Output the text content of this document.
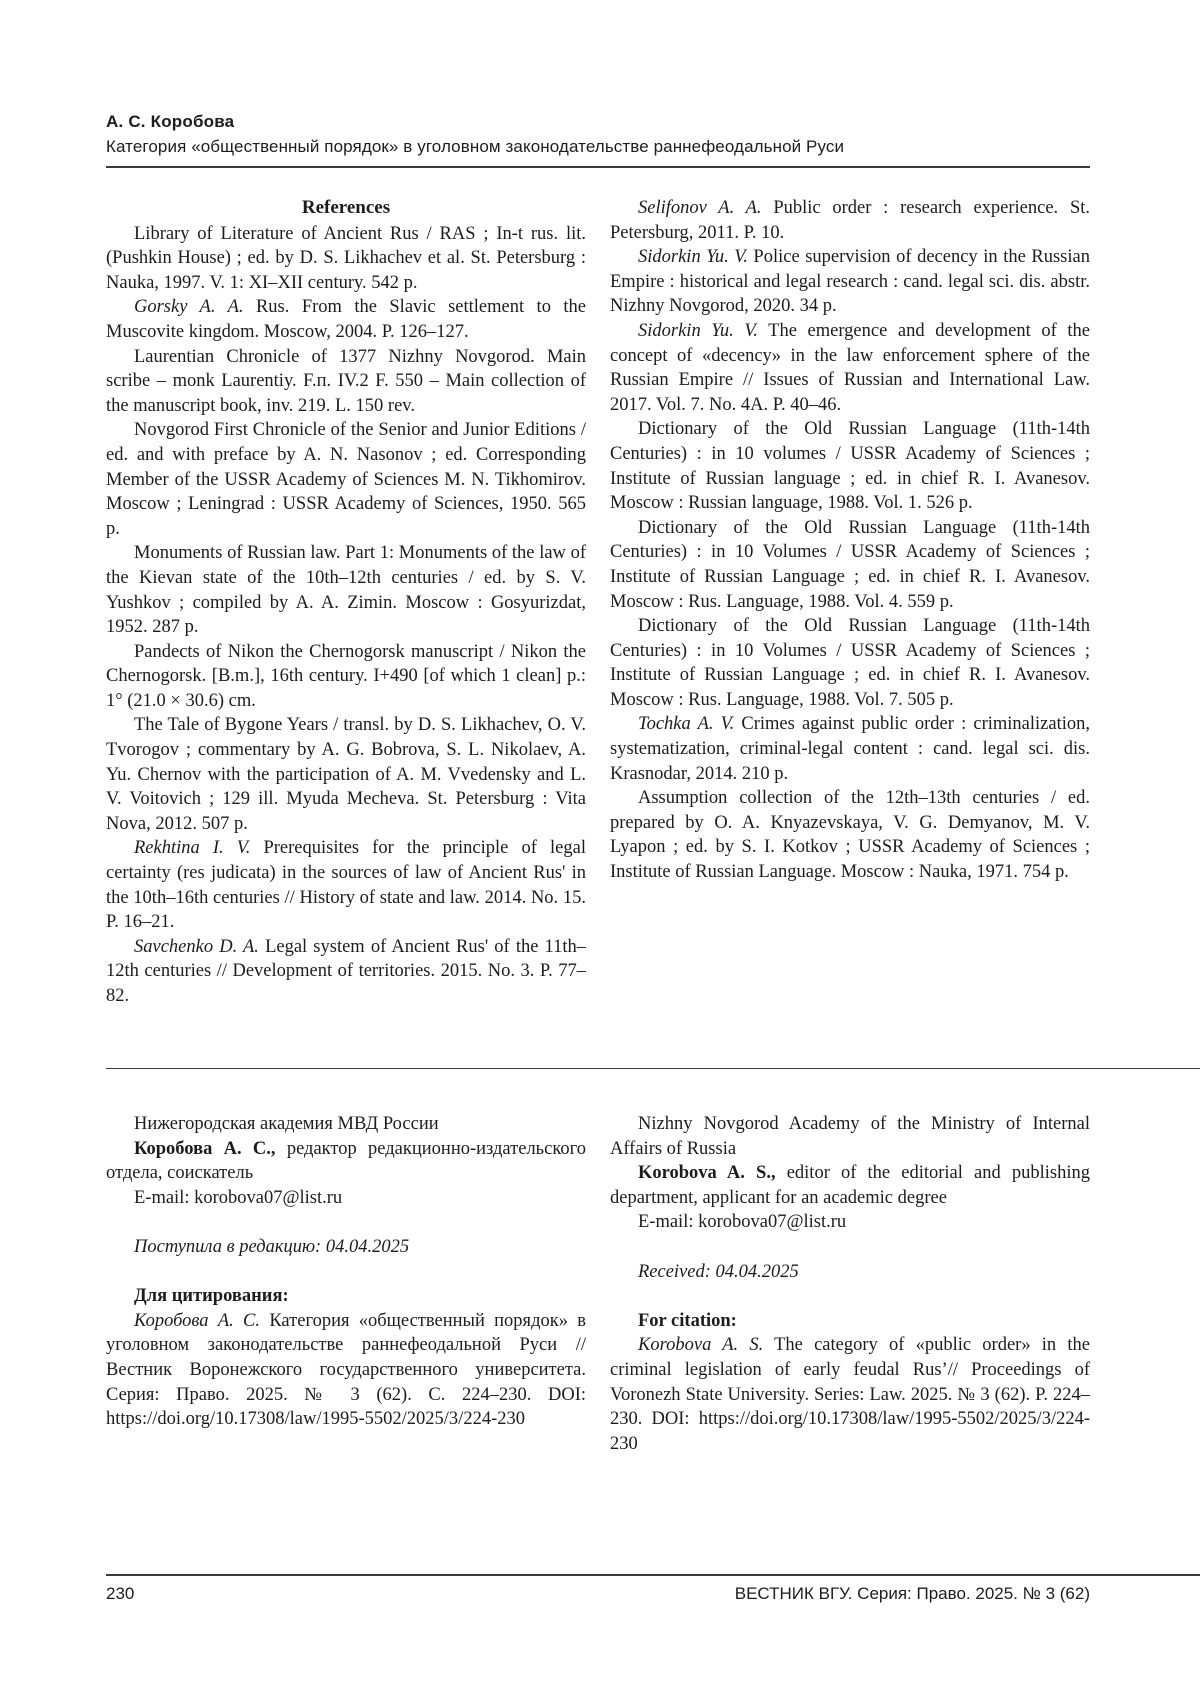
А. С. Коробова
Категория «общественный порядок» в уголовном законодательстве раннефеодальной Руси
References

Library of Literature of Ancient Rus / RAS ; In-t rus. lit. (Pushkin House) ; ed. by D. S. Likhachev et al. St. Petersburg : Nauka, 1997. V. 1: XI–XII century. 542 p.

Gorsky A. A. Rus. From the Slavic settlement to the Muscovite kingdom. Moscow, 2004. P. 126–127.

Laurentian Chronicle of 1377 Nizhny Novgorod. Main scribe – monk Laurentiy. F.п. IV.2 F. 550 – Main collection of the manuscript book, inv. 219. L. 150 rev.

Novgorod First Chronicle of the Senior and Junior Editions / ed. and with preface by A. N. Nasonov ; ed. Corresponding Member of the USSR Academy of Sciences M. N. Tikhomirov. Moscow ; Leningrad : USSR Academy of Sciences, 1950. 565 p.

Monuments of Russian law. Part 1: Monuments of the law of the Kievan state of the 10th–12th centuries / ed. by S. V. Yushkov ; compiled by A. A. Zimin. Moscow : Gosyurizdat, 1952. 287 p.

Pandects of Nikon the Chernogorsk manuscript / Nikon the Chernogorsk. [B.m.], 16th century. I+490 [of which 1 clean] p.: 1° (21.0 × 30.6) cm.

The Tale of Bygone Years / transl. by D. S. Likhachev, O. V. Tvorogov ; commentary by A. G. Bobrova, S. L. Nikolaev, A. Yu. Chernov with the participation of A. M. Vvedensky and L. V. Voitovich ; 129 ill. Myuda Mecheva. St. Petersburg : Vita Nova, 2012. 507 p.

Rekhtina I. V. Prerequisites for the principle of legal certainty (res judicata) in the sources of law of Ancient Rus' in the 10th–16th centuries // History of state and law. 2014. No. 15. P. 16–21.

Savchenko D. A. Legal system of Ancient Rus' of the 11th–12th centuries // Development of territories. 2015. No. 3. P. 77–82.

Selifonov A. A. Public order : research experience. St. Petersburg, 2011. P. 10.

Sidorkin Yu. V. Police supervision of decency in the Russian Empire : historical and legal research : cand. legal sci. dis. abstr. Nizhny Novgorod, 2020. 34 p.

Sidorkin Yu. V. The emergence and development of the concept of «decency» in the law enforcement sphere of the Russian Empire // Issues of Russian and International Law. 2017. Vol. 7. No. 4A. P. 40–46.

Dictionary of the Old Russian Language (11th-14th Centuries) : in 10 volumes / USSR Academy of Sciences ; Institute of Russian language ; ed. in chief R. I. Avanesov. Moscow : Russian language, 1988. Vol. 1. 526 p.

Dictionary of the Old Russian Language (11th-14th Centuries) : in 10 Volumes / USSR Academy of Sciences ; Institute of Russian Language ; ed. in chief R. I. Avanesov. Moscow : Rus. Language, 1988. Vol. 4. 559 p.

Dictionary of the Old Russian Language (11th-14th Centuries) : in 10 Volumes / USSR Academy of Sciences ; Institute of Russian Language ; ed. in chief R. I. Avanesov. Moscow : Rus. Language, 1988. Vol. 7. 505 p.

Tochka A. V. Crimes against public order : criminalization, systematization, criminal-legal content : cand. legal sci. dis. Krasnodar, 2014. 210 p.

Assumption collection of the 12th–13th centuries / ed. prepared by O. A. Knyazevskaya, V. G. Demyanov, M. V. Lyapon ; ed. by S. I. Kotkov ; USSR Academy of Sciences ; Institute of Russian Language. Moscow : Nauka, 1971. 754 p.

Нижегородская академия МВД России

Коробова А. С., редактор редакционно-издательского отдела, соискатель

E-mail: korobova07@list.ru

Поступила в редакцию: 04.04.2025

Для цитирования:

Коробова А. С. Категория «общественный порядок» в уголовном законодательстве раннефеодальной Руси // Вестник Воронежского государственного университета. Серия: Право. 2025. № 3 (62). С. 224–230. DOI: https://doi.org/10.17308/law/1995-5502/2025/3/224-230

Nizhny Novgorod Academy of the Ministry of Internal Affairs of Russia

Korobova A. S., editor of the editorial and publishing department, applicant for an academic degree

E-mail: korobova07@list.ru

Received: 04.04.2025

For citation:

Korobova A. S. The category of «public order» in the criminal legislation of early feudal Rus’// Proceedings of Voronezh State University. Series: Law. 2025. № 3 (62). P. 224–230. DOI: https://doi.org/10.17308/law/1995-5502/2025/3/224-230

230	ВЕСТНИК ВГУ. Серия: Право. 2025. № 3 (62)
